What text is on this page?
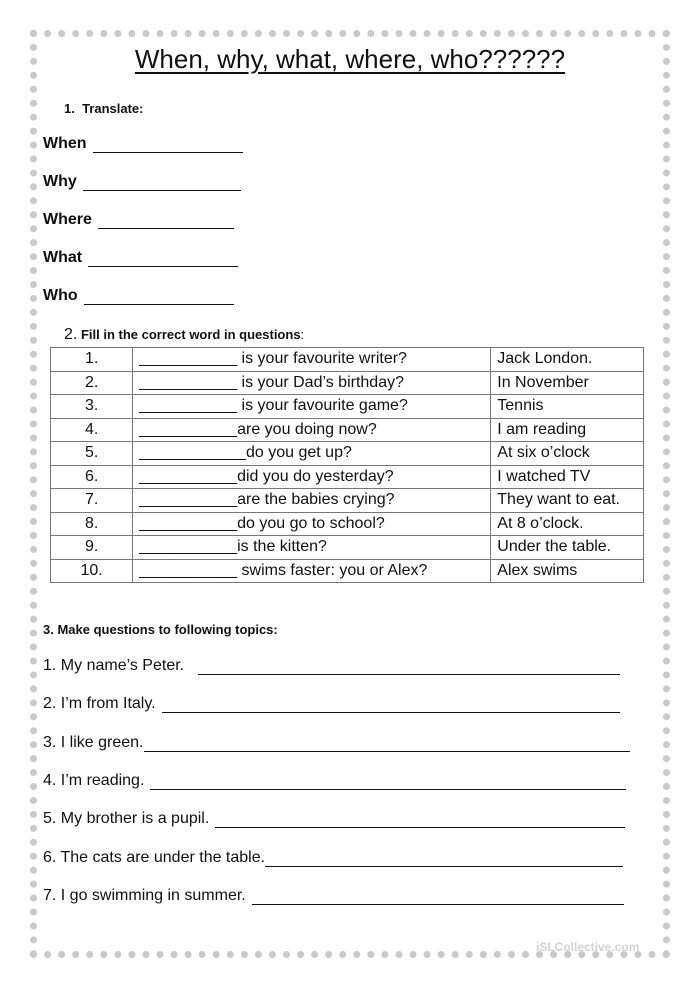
When, why, what, where, who??????
1. Translate:
When
Why
Where
What
Who
2. Fill in the correct word in questions:
1.	___________ is your favourite writer?	Jack London.
2.	___________ is your Dad’s birthday?	In November
3.	___________ is your favourite game?	Tennis
4.	___________are you doing now?	I am reading
5.	____________do you get up?	At six o’clock
6.	___________did you do yesterday?	I watched TV
7.	___________are the babies crying?	They want to eat.
8.	___________do you go to school?	At 8 o’clock.
9.	___________is the kitten?	Under the table.
10.	___________ swims faster: you or Alex?	Alex swims
3. Make questions to following topics:
1. My name’s Peter.
2. I’m from Italy.
3. I like green.
4. I’m reading.
5. My brother is a pupil.
6. The cats are under the table.
7. I go swimming in summer.
iSLCollective.com
